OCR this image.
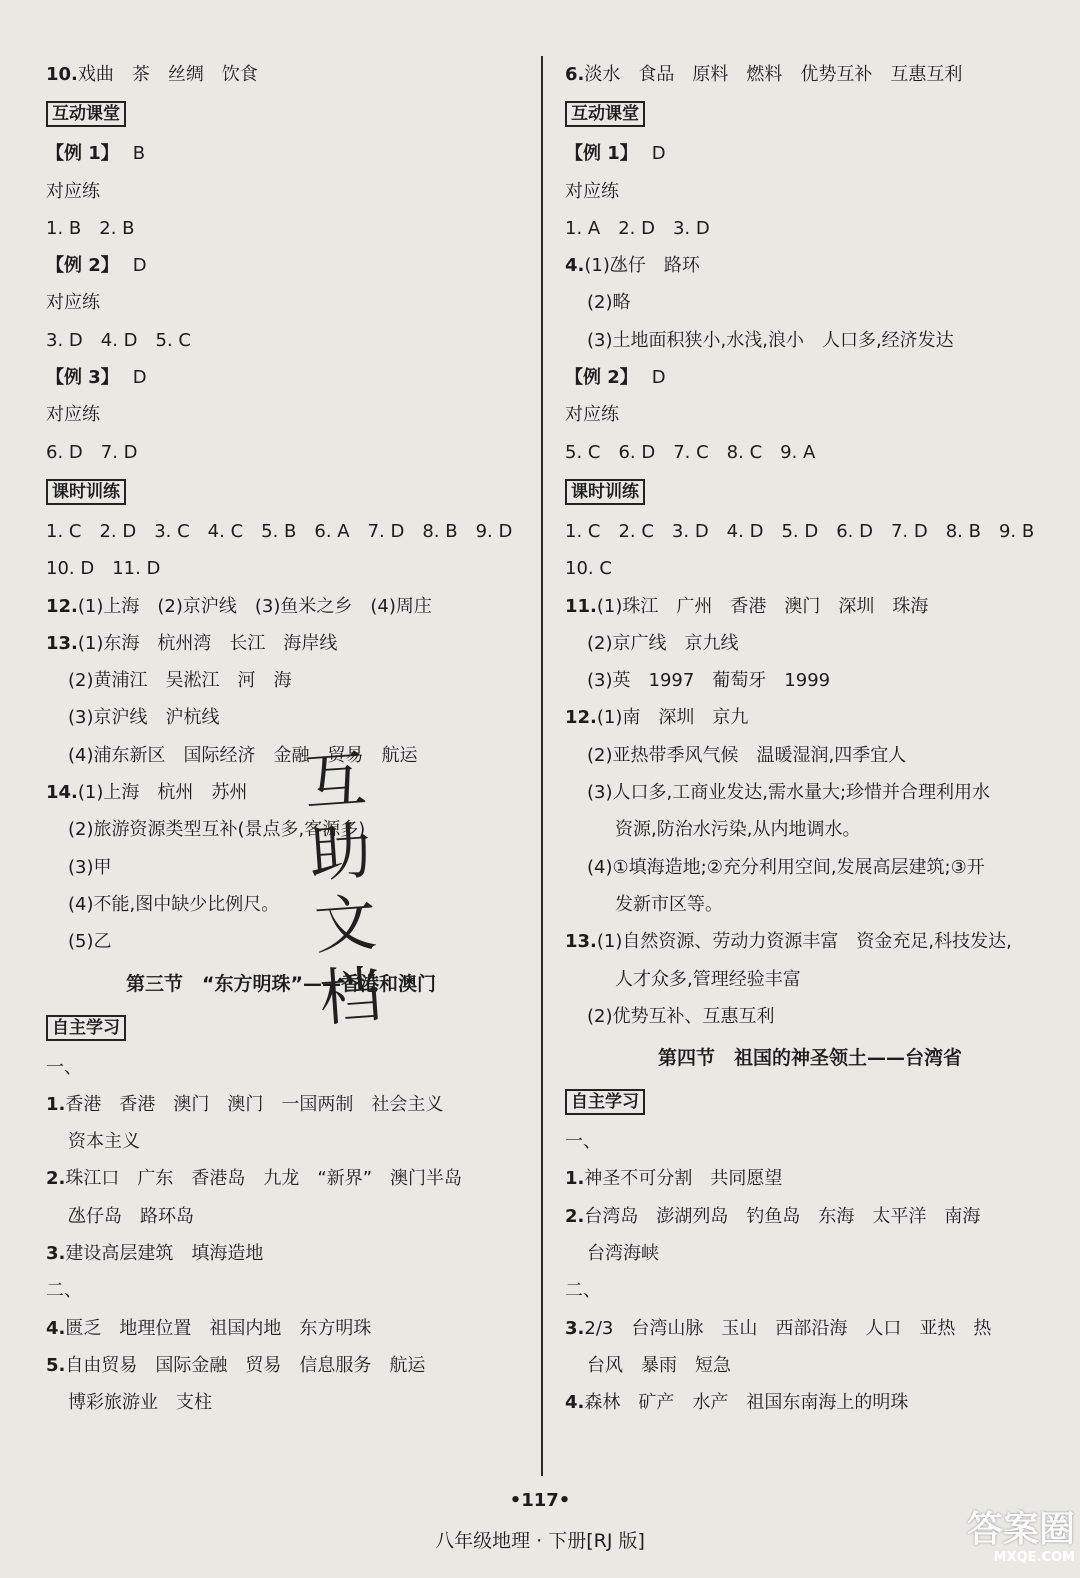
10.戏曲　茶　丝绸　饮食
互动课堂
【例 1】 B
对应练
1. B　2. B
【例 2】 D
对应练
3. D　4. D　5. C
【例 3】 D
对应练
6. D　7. D
课时训练
1. C　2. D　3. C　4. C　5. B　6. A　7. D　8. B　9. D
10. D　11. D
12.(1)上海　(2)京沪线　(3)鱼米之乡　(4)周庄
13.(1)东海　杭州湾　长江　海岸线
(2)黄浦江　吴淞江　河　海
(3)京沪线　沪杭线
(4)浦东新区　国际经济　金融　贸易　航运
14.(1)上海　杭州　苏州
(2)旅游资源类型互补(景点多,客源多)
(3)甲
(4)不能,图中缺少比例尺。
(5)乙
第三节　“东方明珠”——香港和澳门
自主学习
一、
1.香港　香港　澳门　澳门　一国两制　社会主义
资本主义
2.珠江口　广东　香港岛　九龙　“新界”　澳门半岛
氹仔岛　路环岛
3.建设高层建筑　填海造地
二、
4.匮乏　地理位置　祖国内地　东方明珠
5.自由贸易　国际金融　贸易　信息服务　航运
博彩旅游业　支柱
6.淡水　食品　原料　燃料　优势互补　互惠互利
互动课堂
【例 1】 D
对应练
1. A　2. D　3. D
4.(1)氹仔　路环
(2)略
(3)土地面积狭小,水浅,浪小　人口多,经济发达
【例 2】 D
对应练
5. C　6. D　7. C　8. C　9. A
课时训练
1. C　2. C　3. D　4. D　5. D　6. D　7. D　8. B　9. B
10. C
11.(1)珠江　广州　香港　澳门　深圳　珠海
(2)京广线　京九线
(3)英　1997　葡萄牙　1999
12.(1)南　深圳　京九
(2)亚热带季风气候　温暖湿润,四季宜人
(3)人口多,工商业发达,需水量大;珍惜并合理利用水
资源,防治水污染,从内地调水。
(4)①填海造地;②充分利用空间,发展高层建筑;③开
发新市区等。
13.(1)自然资源、劳动力资源丰富　资金充足,科技发达,
人才众多,管理经验丰富
(2)优势互补、互惠互利
第四节　祖国的神圣领土——台湾省
自主学习
一、
1.神圣不可分割　共同愿望
2.台湾岛　澎湖列岛　钓鱼岛　东海　太平洋　南海
台湾海峡
二、
3.2/3　台湾山脉　玉山　西部沿海　人口　亚热　热
台风　暴雨　短急
4.森林　矿产　水产　祖国东南海上的明珠
互
助
文
档
•117•
八年级地理 · 下册[RJ 版]	答案圈
MXQE.COM
